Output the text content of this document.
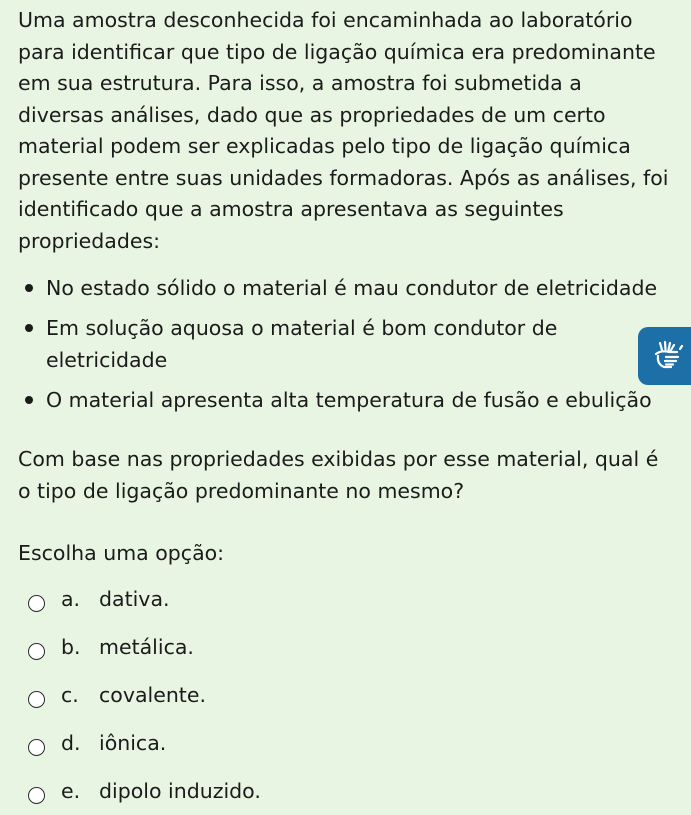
Uma amostra desconhecida foi encaminhada ao laboratório para identificar que tipo de ligação química era predominante em sua estrutura. Para isso, a amostra foi submetida a diversas análises, dado que as propriedades de um certo material podem ser explicadas pelo tipo de ligação química presente entre suas unidades formadoras. Após as análises, foi identificado que a amostra apresentava as seguintes propriedades:

No estado sólido o material é mau condutor de eletricidade
Em solução aquosa o material é bom condutor de eletricidade
O material apresenta alta temperatura de fusão e ebulição

Com base nas propriedades exibidas por esse material, qual é o tipo de ligação predominante no mesmo?

Escolha uma opção:

a. dativa.
b. metálica.
c. covalente.
d. iônica.
e. dipolo induzido.
